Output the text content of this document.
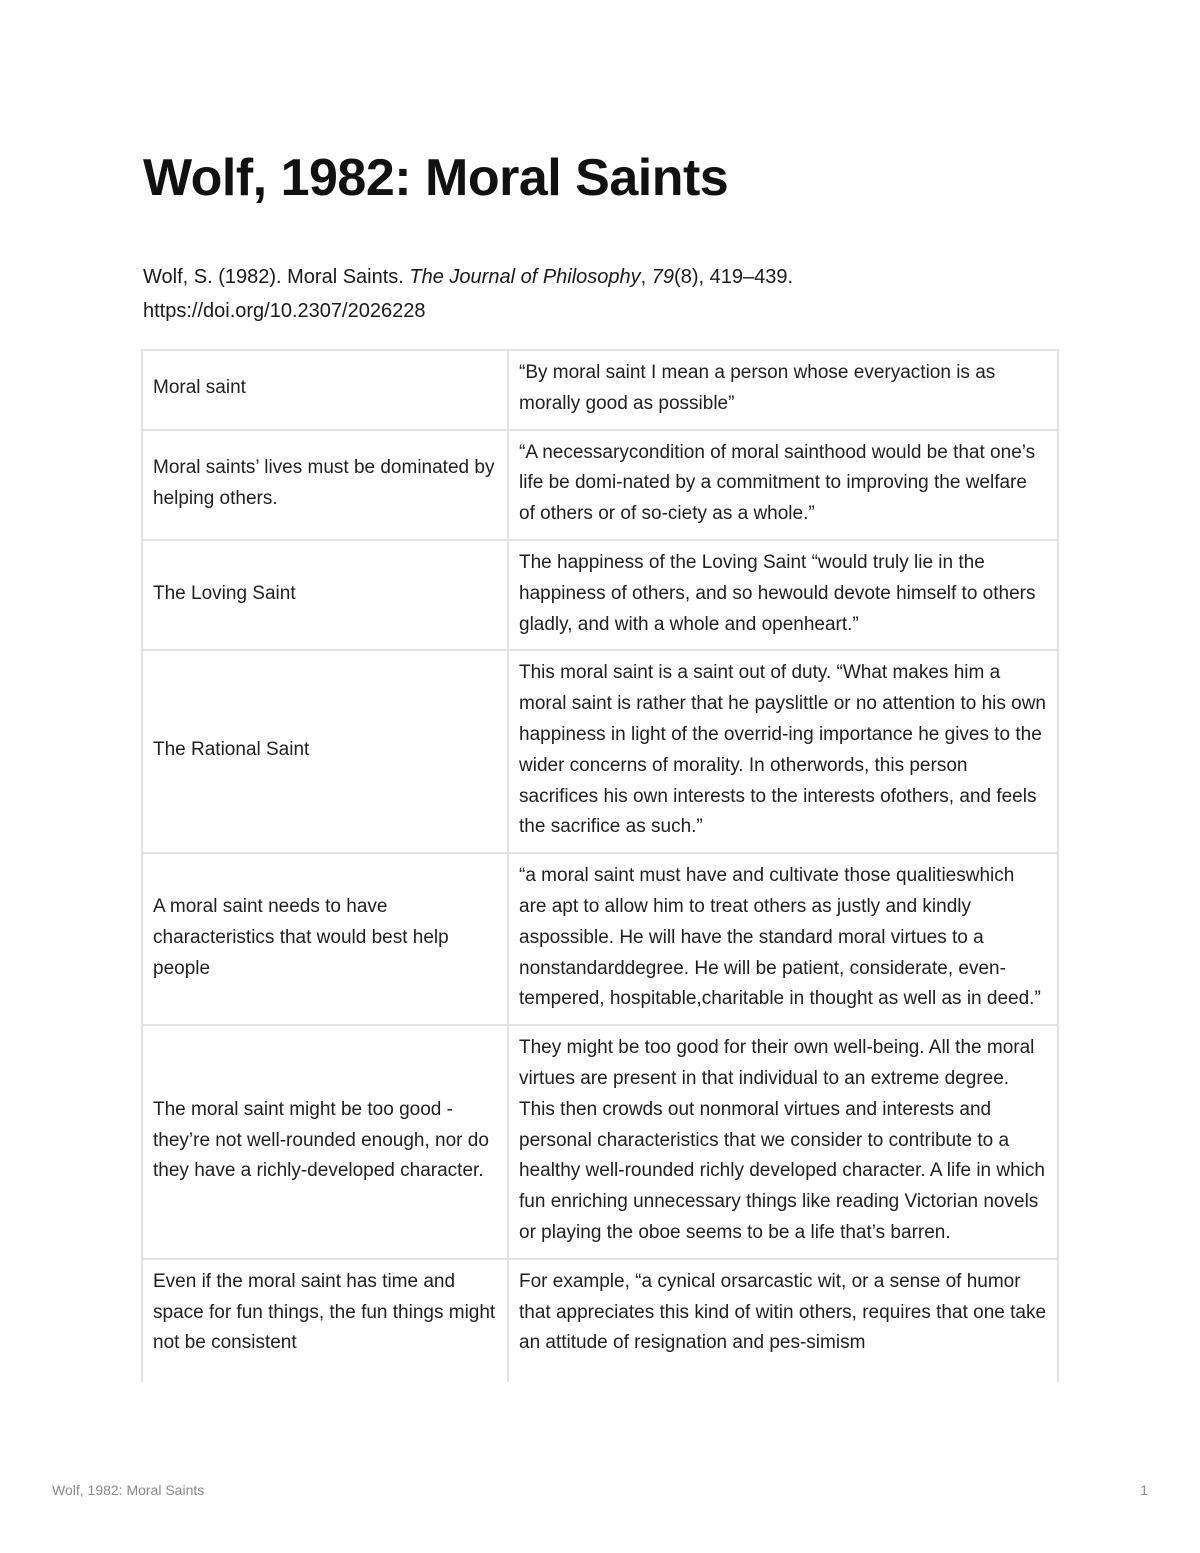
Wolf, 1982: Moral Saints

Wolf, S. (1982). Moral Saints. The Journal of Philosophy, 79(8), 419–439.
https://doi.org/10.2307/2026228

Moral saint	“By moral saint I mean a person whose everyaction is as morally good as possible”
Moral saints’ lives must be dominated by helping others.	“A necessarycondition of moral sainthood would be that one’s life be domi-nated by a commitment to improving the welfare of others or of so-ciety as a whole.”
The Loving Saint	The happiness of the Loving Saint “would truly lie in the happiness of others, and so hewould devote himself to others gladly, and with a whole and openheart.”
The Rational Saint	This moral saint is a saint out of duty. “What makes him a moral saint is rather that he payslittle or no attention to his own happiness in light of the overrid-ing importance he gives to the wider concerns of morality. In otherwords, this person sacrifices his own interests to the interests ofothers, and feels the sacrifice as such.”
A moral saint needs to have characteristics that would best help people	“a moral saint must have and cultivate those qualitieswhich are apt to allow him to treat others as justly and kindly aspossible. He will have the standard moral virtues to a nonstandarddegree. He will be patient, considerate, even-tempered, hospitable,charitable in thought as well as in deed.”
The moral saint might be too good - they’re not well-rounded enough, nor do they have a richly-developed character.	They might be too good for their own well-being. All the moral virtues are present in that individual to an extreme degree. This then crowds out nonmoral virtues and interests and personal characteristics that we consider to contribute to a healthy well-rounded richly developed character. A life in which fun enriching unnecessary things like reading Victorian novels or playing the oboe seems to be a life that’s barren.
Even if the moral saint has time and space for fun things, the fun things might not be consistent	For example, “a cynical orsarcastic wit, or a sense of humor that appreciates this kind of witin others, requires that one take an attitude of resignation and pes-simism
Wolf, 1982: Moral Saints	1
